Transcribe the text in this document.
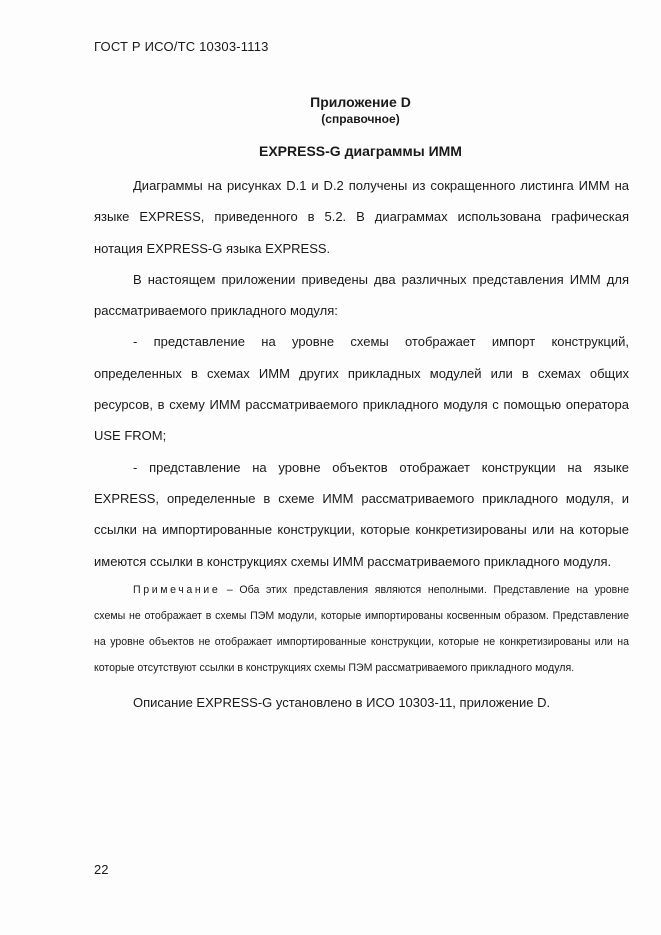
ГОСТ Р ИСО/ТС 10303-1113
Приложение D
(справочное)
EXPRESS-G диаграммы ИММ

Диаграммы на рисунках D.1 и D.2 получены из сокращенного листинга ИММ на языке EXPRESS, приведенного в 5.2. В диаграммах использована графическая нотация EXPRESS-G языка EXPRESS.

В настоящем приложении приведены два различных представления ИММ для рассматриваемого прикладного модуля:

- представление на уровне схемы отображает импорт конструкций, определенных в схемах ИММ других прикладных модулей или в схемах общих ресурсов, в схему ИММ рассматриваемого прикладного модуля с помощью оператора USE FROM;

- представление на уровне объектов отображает конструкции на языке EXPRESS, определенные в схеме ИММ рассматриваемого прикладного модуля, и ссылки на импортированные конструкции, которые конкретизированы или на которые имеются ссылки в конструкциях схемы ИММ рассматриваемого прикладного модуля.

Примечание – Оба этих представления являются неполными. Представление на уровне схемы не отображает в схемы ПЭМ модули, которые импортированы косвенным образом. Представление на уровне объектов не отображает импортированные конструкции, которые не конкретизированы или на которые отсутствуют ссылки в конструкциях схемы ПЭМ рассматриваемого прикладного модуля.

Описание EXPRESS-G установлено в ИСО 10303-11, приложение D.

22
